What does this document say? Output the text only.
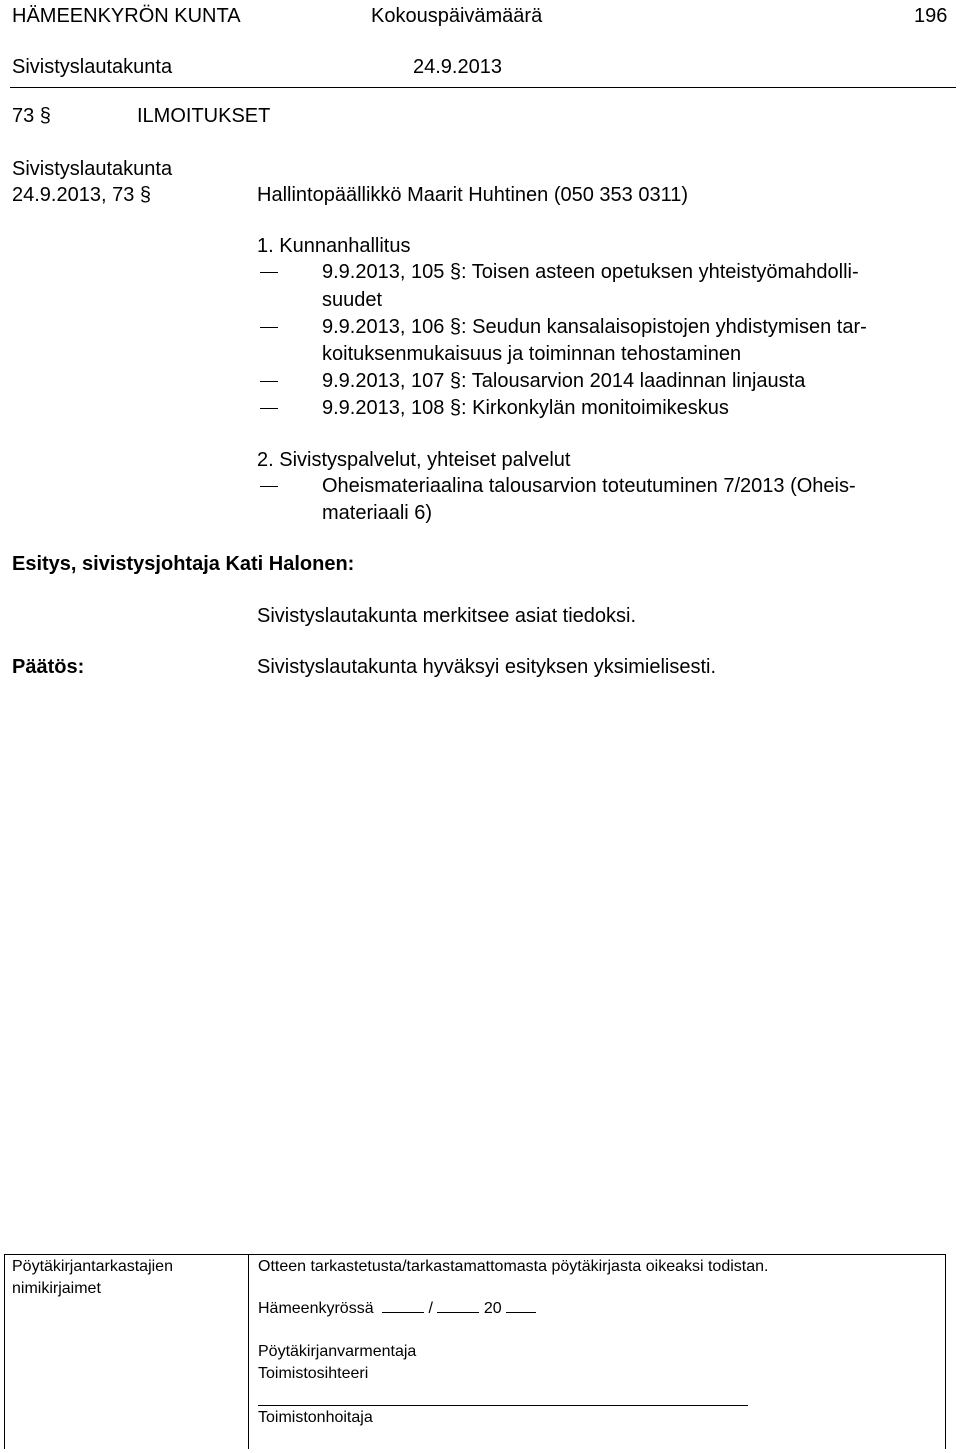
HÄMEENKYRÖN KUNTA	Kokouspäivämäärä	196
Sivistyslautakunta	24.9.2013
73 §	ILMOITUKSET
Sivistyslautakunta
24.9.2013, 73 §	Hallintopäällikkö Maarit Huhtinen (050 353 0311)
1. Kunnanhallitus
9.9.2013, 105 §: Toisen asteen opetuksen yhteistyömahdolli-
suudet
9.9.2013, 106 §: Seudun kansalaisopistojen yhdistymisen tar-
koituksenmukaisuus ja toiminnan tehostaminen
9.9.2013, 107 §: Talousarvion 2014 laadinnan linjausta
9.9.2013, 108 §: Kirkonkylän monitoimikeskus
2. Sivistyspalvelut, yhteiset palvelut
Oheismateriaalina talousarvion toteutuminen 7/2013 (Oheis-
materiaali 6)
Esitys, sivistysjohtaja Kati Halonen:
Sivistyslautakunta merkitsee asiat tiedoksi.
Päätös:	Sivistyslautakunta hyväksyi esityksen yksimielisesti.
Pöytäkirjantarkastajien
nimikirjaimet
Otteen tarkastetusta/tarkastamattomasta pöytäkirjasta oikeaksi todistan.
Hämeenkyrössä	/	20
Pöytäkirjanvarmentaja
Toimistosihteeri
Toimistonhoitaja
